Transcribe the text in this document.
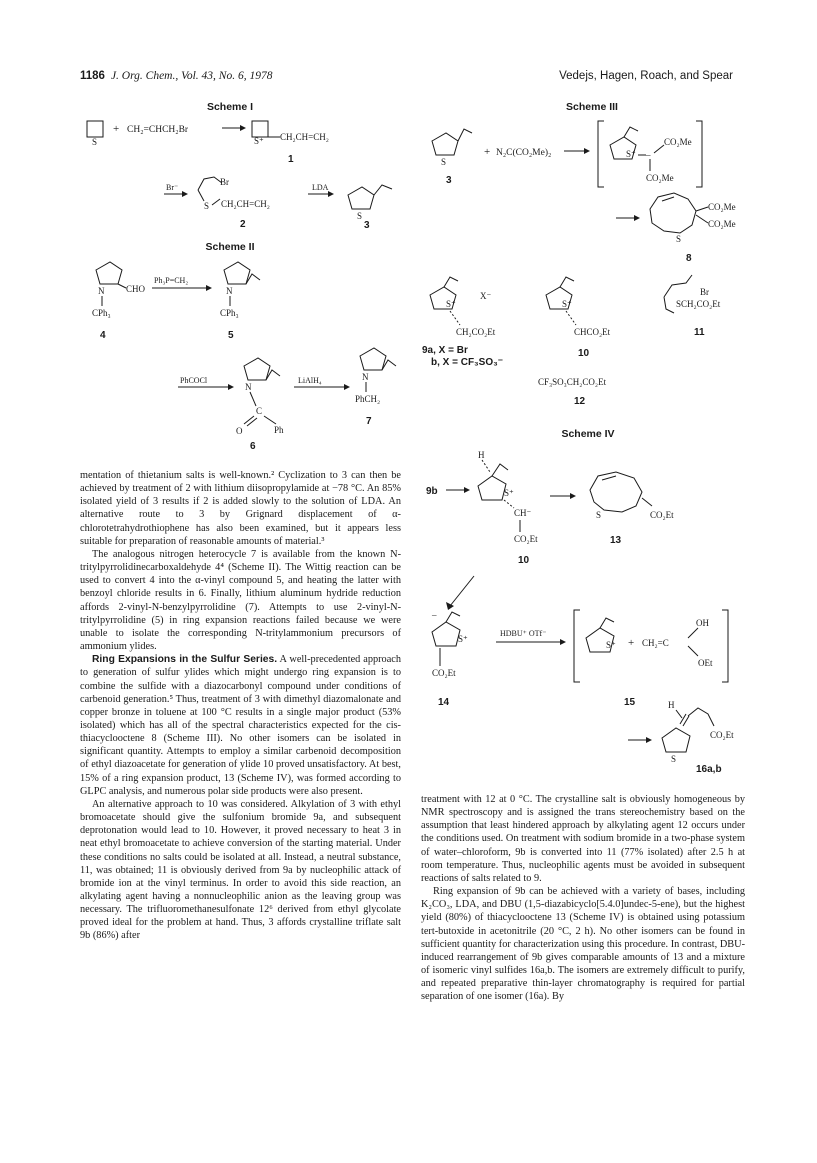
1186 J. Org. Chem., Vol. 43, No. 6, 1978	Vedejs, Hagen, Roach, and Spear
Scheme I
S
+ CH₂=CHCH₂Br
S⁺ CH₂CH=CH₂
1
Br⁻
Br
S CH₂CH=CH₂
2
LDA
S
3
Scheme II
N CHO
CPh₃
4
Ph₃P=CH₂
N
CPh₃
5
PhCOCl
N
C
O	Ph
6
LiAlH₄	N
PhCH₂
7
Scheme III
S
3
+ N₂C(CO₂Me)₂	S⁺ –
CO₂Me
CO₂Me
S
CO₂Me
CO₂Me
8
S⁺
X⁻
CH₂CO₂Et
9a, X = Br
b, X = CF₃SO₃⁻
S⁺
CHCO₂Et
10
Br
SCH₂CO₂Et
11
CF₃SO₃CH₂CO₂Et
12
Scheme IV
H
9b	S⁺
CH⁻
CO₂Et
10
S	CO₂Et
13
–
S⁺
CO₂Et
14
HDBU⁺ OTf⁻
S⁺ + CH₂=C
OH
OEt
15	H
S
CO₂Et
16a,b

mentation of thietanium salts is well-known.² Cyclization to 3 can then be achieved by treatment of 2 with lithium diisopropylamide at −78 °C. An 85% isolated yield of 3 results if 2 is added slowly to the solution of LDA. An alternative route to 3 by Grignard displacement of α-chlorotetrahydrothiophene has also been examined, but it appears less suitable for preparation of reasonable amounts of material.³

The analogous nitrogen heterocycle 7 is available from the known N-tritylpyrrolidinecarboxaldehyde 4⁴ (Scheme II). The Wittig reaction can be used to convert 4 into the α-vinyl compound 5, and heating the latter with benzoyl chloride results in 6. Finally, lithium aluminum hydride reduction affords 2-vinyl-N-benzylpyrrolidine (7). Attempts to use 2-vinyl-N-tritylpyrrolidine (5) in ring expansion reactions failed because we were unable to isolate the corresponding N-tritylammonium precursors of ammonium ylides.

Ring Expansions in the Sulfur Series. A well-precedented approach to generation of sulfur ylides which might undergo ring expansion is to combine the sulfide with a diazocarbonyl compound under conditions of carbenoid generation.⁵ Thus, treatment of 3 with dimethyl diazomalonate and copper bronze in toluene at 100 °C results in a single major product (53% isolated) which has all of the spectral characteristics expected for the cis-thiacyclooctene 8 (Scheme III). No other isomers can be isolated in significant quantity. Attempts to employ a similar carbenoid decomposition of ethyl diazoacetate for generation of ylide 10 proved unsatisfactory. At best, 15% of a ring expansion product, 13 (Scheme IV), was formed according to GLPC analysis, and numerous polar side products were also present.

An alternative approach to 10 was considered. Alkylation of 3 with ethyl bromoacetate should give the sulfonium bromide 9a, and subsequent deprotonation would lead to 10. However, it proved necessary to heat 3 in neat ethyl bromoacetate to achieve conversion of the starting material. Under these conditions no salts could be isolated at all. Instead, a neutral substance, 11, was obtained; 11 is obviously derived from 9a by nucleophilic attack of bromide ion at the vinyl terminus. In order to avoid this side reaction, an alkylating agent having a nonnucleophilic anion as the leaving group was necessary. The trifluoromethanesulfonate 12⁶ derived from ethyl glycolate proved ideal for the problem at hand. Thus, 3 affords crystalline triflate salt 9b (86%) after

treatment with 12 at 0 °C. The crystalline salt is obviously homogeneous by NMR spectroscopy and is assigned the trans stereochemistry based on the assumption that least hindered approach by alkylating agent 12 occurs under the conditions used. On treatment with sodium bromide in a two-phase system of water–chloroform, 9b is converted into 11 (77% isolated) after 2.5 h at room temperature. Thus, nucleophilic agents must be avoided in subsequent reactions of salts related to 9.

Ring expansion of 9b can be achieved with a variety of bases, including K₂CO₃, LDA, and DBU (1,5-diazabicyclo[5.4.0]undec-5-ene), but the highest yield (80%) of thiacyclooctene 13 (Scheme IV) is obtained using potassium tert-butoxide in acetonitrile (20 °C, 2 h). No other isomers can be found in sufficient quantity for characterization using this procedure. In contrast, DBU-induced rearrangement of 9b gives comparable amounts of 13 and a mixture of isomeric vinyl sulfides 16a,b. The isomers are extremely difficult to purify, and repeated preparative thin-layer chromatography is required for partial separation of one isomer (16a). By
